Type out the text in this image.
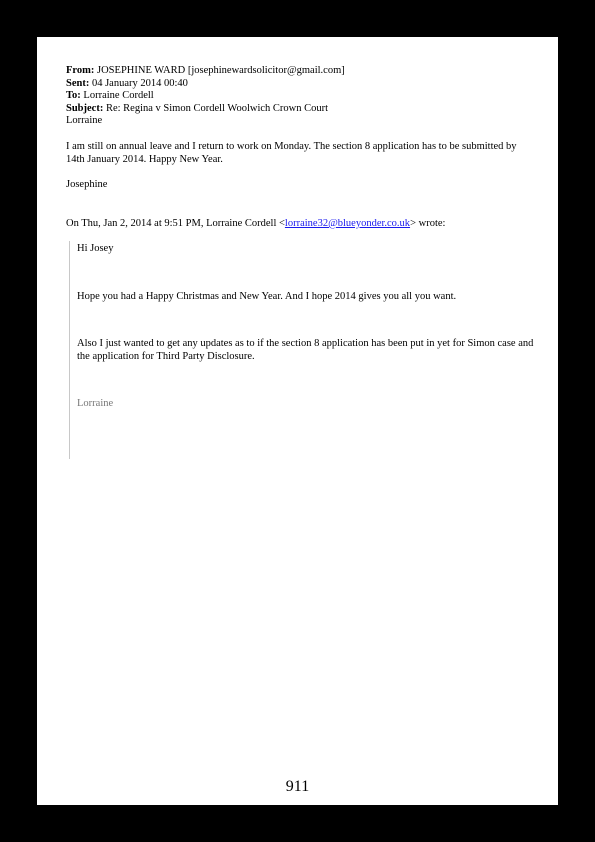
From: JOSEPHINE WARD [josephinewardsolicitor@gmail.com]
Sent: 04 January 2014 00:40
To: Lorraine Cordell
Subject: Re: Regina v Simon Cordell Woolwich Crown Court
Lorraine
I am still on annual leave and I return to work on Monday. The section 8 application has to be submitted by 14th January 2014. Happy New Year.
Josephine
On Thu, Jan 2, 2014 at 9:51 PM, Lorraine Cordell <lorraine32@blueyonder.co.uk> wrote:

Hi Josey

Hope you had a Happy Christmas and New Year. And I hope 2014 gives you all you want.

Also I just wanted to get any updates as to if the section 8 application has been put in yet for Simon case and the application for Third Party Disclosure.

Lorraine

911
